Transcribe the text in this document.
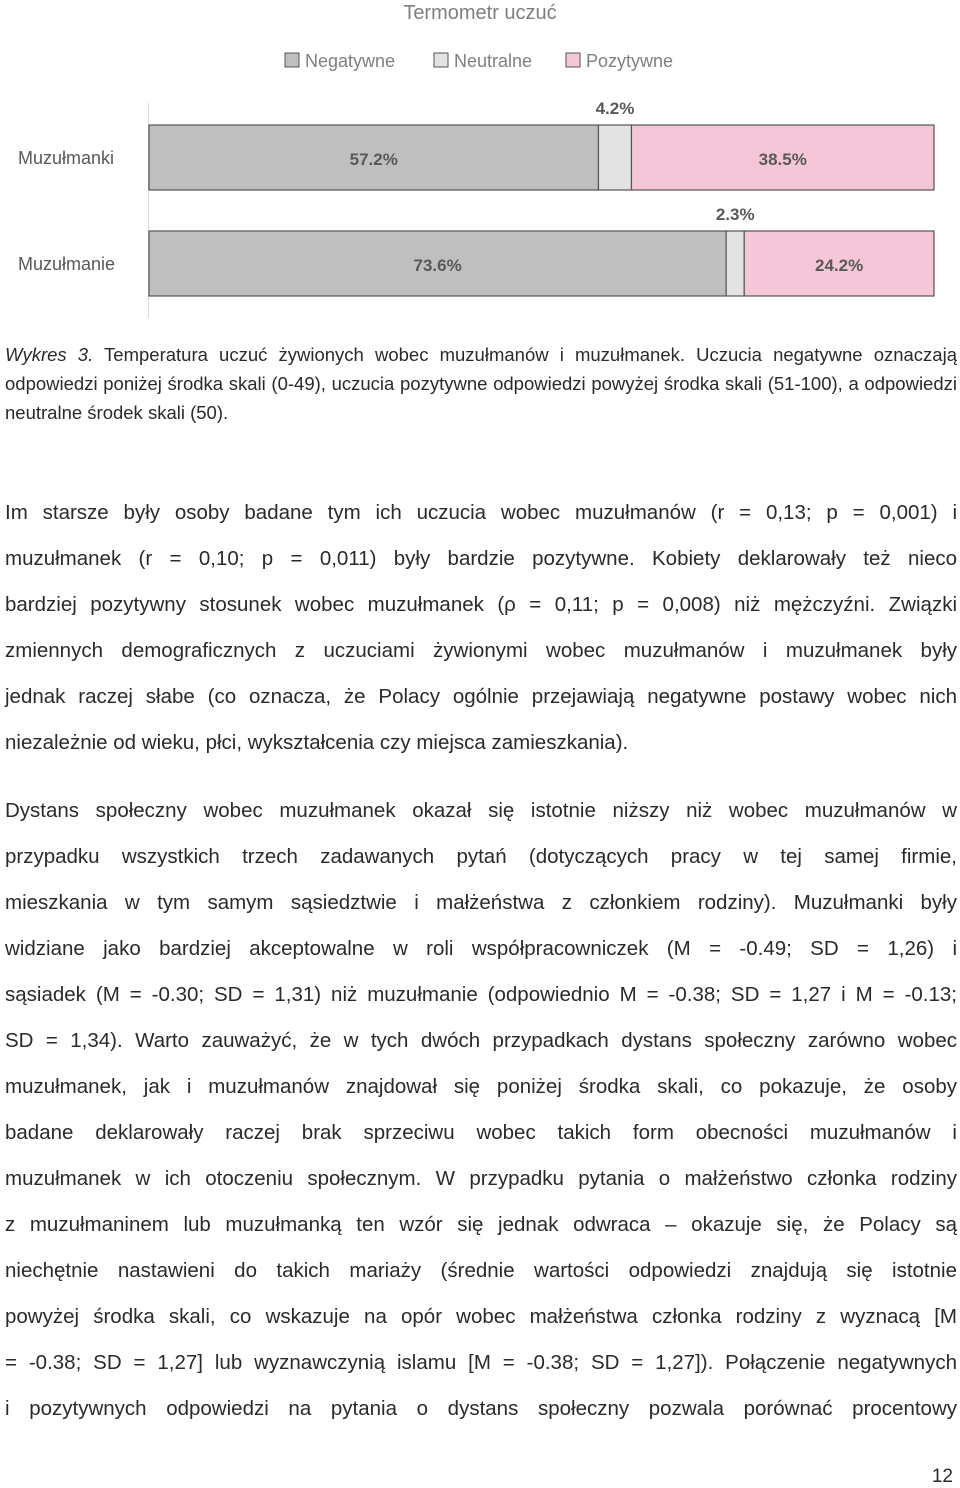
Termometr uczuć
Negatywne	Neutralne	Pozytywne
Muzułmanki	57.2%
4.2%
38.5%
Muzułmanie	73.6%
2.3%
24.2%
Wykres 3. Temperatura uczuć żywionych wobec muzułmanów i muzułmanek. Uczucia negatywne oznaczają odpowiedzi poniżej środka skali (0-49), uczucia pozytywne odpowiedzi powyżej środka skali (51-100), a odpowiedzi neutralne środek skali (50).
Im starsze były osoby badane tym ich uczucia wobec muzułmanów (r = 0,13; p = 0,001) i
muzułmanek (r = 0,10; p = 0,011) były bardzie pozytywne. Kobiety deklarowały też nieco
bardziej pozytywny stosunek wobec muzułmanek (ρ = 0,11; p = 0,008) niż mężczyźni. Związki
zmiennych demograficznych z uczuciami żywionymi wobec muzułmanów i muzułmanek były
jednak raczej słabe (co oznacza, że Polacy ogólnie przejawiają negatywne postawy wobec nich
niezależnie od wieku, płci, wykształcenia czy miejsca zamieszkania).
Dystans społeczny wobec muzułmanek okazał się istotnie niższy niż wobec muzułmanów w
przypadku wszystkich trzech zadawanych pytań (dotyczących pracy w tej samej firmie,
mieszkania w tym samym sąsiedztwie i małżeństwa z członkiem rodziny). Muzułmanki były
widziane jako bardziej akceptowalne w roli współpracowniczek (M = -0.49; SD = 1,26) i
sąsiadek (M = -0.30; SD = 1,31) niż muzułmanie (odpowiednio M = -0.38; SD = 1,27 i M = -0.13;
SD = 1,34). Warto zauważyć, że w tych dwóch przypadkach dystans społeczny zarówno wobec
muzułmanek, jak i muzułmanów znajdował się poniżej środka skali, co pokazuje, że osoby
badane deklarowały raczej brak sprzeciwu wobec takich form obecności muzułmanów i
muzułmanek w ich otoczeniu społecznym. W przypadku pytania o małżeństwo członka rodziny
z muzułmaninem lub muzułmanką ten wzór się jednak odwraca – okazuje się, że Polacy są
niechętnie nastawieni do takich mariaży (średnie wartości odpowiedzi znajdują się istotnie
powyżej środka skali, co wskazuje na opór wobec małżeństwa członka rodziny z wyznacą [M
= -0.38; SD = 1,27] lub wyznawczynią islamu [M = -0.38; SD = 1,27]). Połączenie negatywnych
i pozytywnych odpowiedzi na pytania o dystans społeczny pozwala porównać procentowy
12
